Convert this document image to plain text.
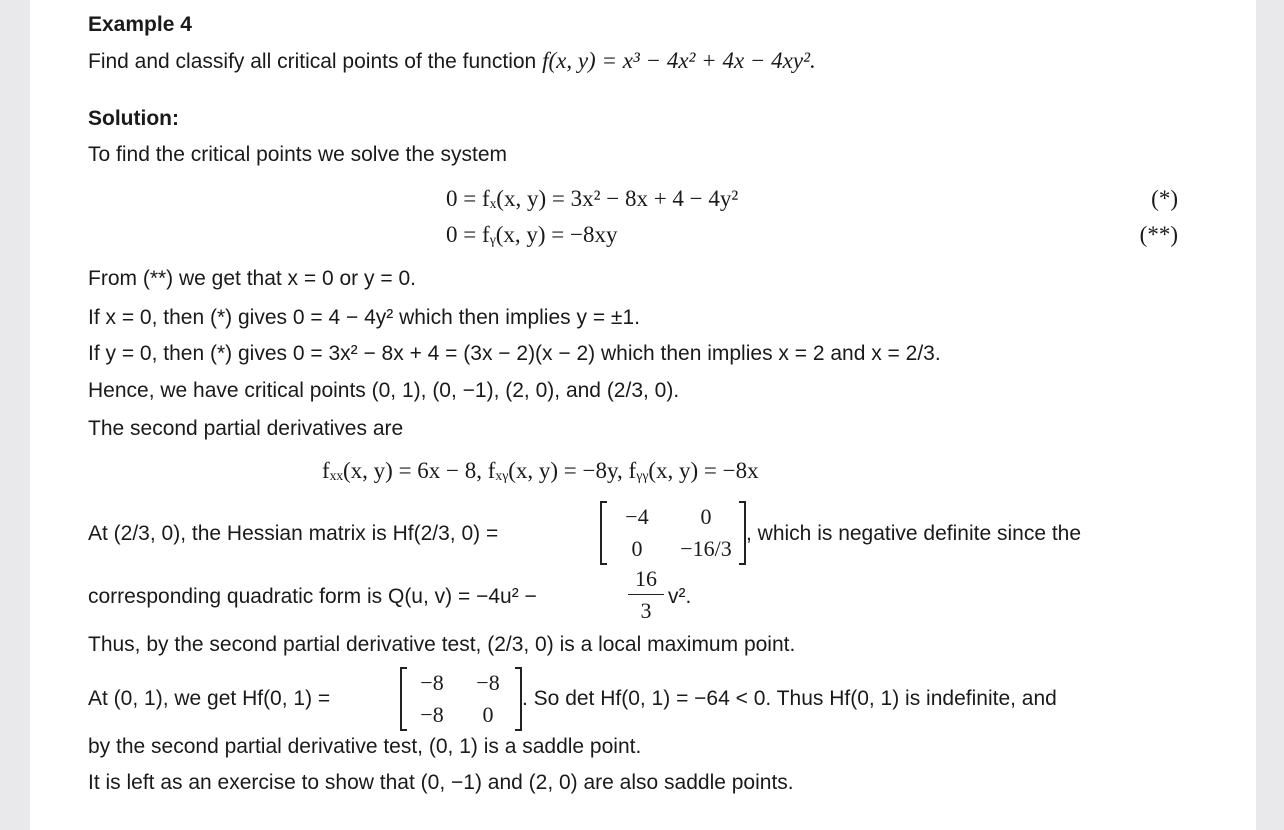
Example 4
Find and classify all critical points of the function f(x, y) = x³ − 4x² + 4x − 4xy².
Solution:
To find the critical points we solve the system
0 = fₓ(x, y) = 3x² − 8x + 4 − 4y²	(*)
0 = fᵧ(x, y) = −8xy	(**)
From (**) we get that x = 0 or y = 0.
If x = 0, then (*) gives 0 = 4 − 4y² which then implies y = ±1.
If y = 0, then (*) gives 0 = 3x² − 8x + 4 = (3x − 2)(x − 2) which then implies x = 2 and x = 2/3.
Hence, we have critical points (0, 1), (0, −1), (2, 0), and (2/3, 0).
The second partial derivatives are
fₓₓ(x, y) = 6x − 8, fₓᵧ(x, y) = −8y, fᵧᵧ(x, y) = −8x
At (2/3, 0), the Hessian matrix is Hf(2/3, 0) =
−4	0
0	−16/3
, which is negative definite since the
corresponding quadratic form is Q(u, v) = −4u² −
16
3
v².
Thus, by the second partial derivative test, (2/3, 0) is a local maximum point.
At (0, 1), we get Hf(0, 1) =
−8	−8
−8	0
. So det Hf(0, 1) = −64 < 0. Thus Hf(0, 1) is indefinite, and
by the second partial derivative test, (0, 1) is a saddle point.
It is left as an exercise to show that (0, −1) and (2, 0) are also saddle points.
